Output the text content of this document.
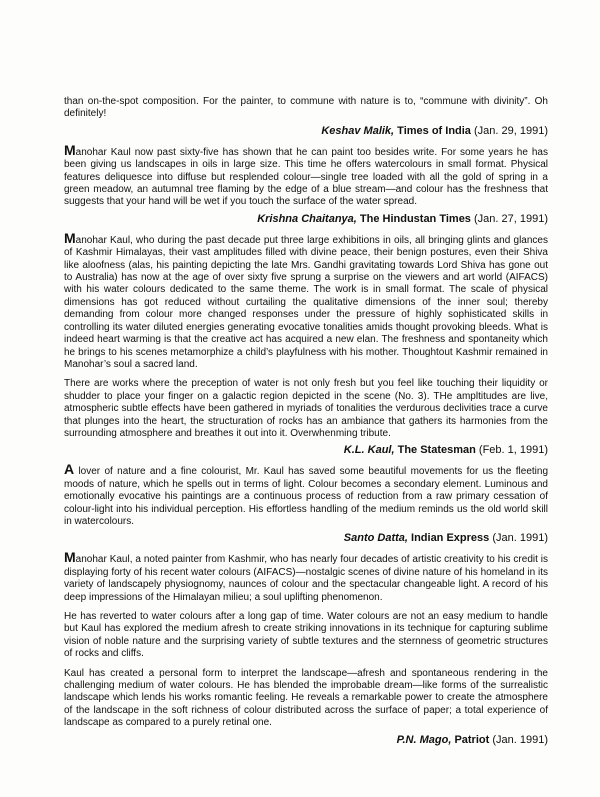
than on-the-spot composition. For the painter, to commune with nature is to, “commune with divinity”. Oh definitely!

Keshav Malik, Times of India (Jan. 29, 1991)

Manohar Kaul now past sixty-five has shown that he can paint too besides write. For some years he has been giving us landscapes in oils in large size. This time he offers watercolours in small format. Physical features deliquesce into diffuse but resplended colour—single tree loaded with all the gold of spring in a green meadow, an autumnal tree flaming by the edge of a blue stream—and colour has the freshness that suggests that your hand will be wet if you touch the surface of the water spread.

Krishna Chaitanya, The Hindustan Times (Jan. 27, 1991)

Manohar Kaul, who during the past decade put three large exhibitions in oils, all bringing glints and glances of Kashmir Himalayas, their vast amplitudes filled with divine peace, their benign postures, even their Shiva like aloofness (alas, his painting depicting the late Mrs. Gandhi gravitating towards Lord Shiva has gone out to Australia) has now at the age of over sixty five sprung a surprise on the viewers and art world (AIFACS) with his water colours dedicated to the same theme. The work is in small format. The scale of physical dimensions has got reduced without curtailing the qualitative dimensions of the inner soul; thereby demanding from colour more changed responses under the pressure of highly sophisticated skills in controlling its water diluted energies generating evocative tonalities amids thought provoking bleeds. What is indeed heart warming is that the creative act has acquired a new elan. The freshness and spontaneity which he brings to his scenes metamorphize a child’s playfulness with his mother. Thoughtout Kashmir remained in Manohar’s soul a sacred land.

There are works where the preception of water is not only fresh but you feel like touching their liquidity or shudder to place your finger on a galactic region depicted in the scene (No. 3). THe ampltitudes are live, atmospheric subtle effects have been gathered in myriads of tonalities the verdurous declivities trace a curve that plunges into the heart, the structuration of rocks has an ambiance that gathers its harmonies from the surrounding atmosphere and breathes it out into it. Overwhenming tribute.

K.L. Kaul, The Statesman (Feb. 1, 1991)

A lover of nature and a fine colourist, Mr. Kaul has saved some beautiful movements for us the fleeting moods of nature, which he spells out in terms of light. Colour becomes a secondary element. Luminous and emotionally evocative his paintings are a continuous process of reduction from a raw primary cessation of colour-light into his individual perception. His effortless handling of the medium reminds us the old world skill in watercolours.

Santo Datta, Indian Express (Jan. 1991)

Manohar Kaul, a noted painter from Kashmir, who has nearly four decades of artistic creativity to his credit is displaying forty of his recent water colours (AIFACS)—nostalgic scenes of divine nature of his homeland in its variety of landscapely physiognomy, naunces of colour and the spectacular changeable light. A record of his deep impressions of the Himalayan milieu; a soul uplifting phenomenon.

He has reverted to water colours after a long gap of time. Water colours are not an easy medium to handle but Kaul has explored the medium afresh to create striking innovations in its technique for capturing sublime vision of noble nature and the surprising variety of subtle textures and the sternness of geometric structures of rocks and cliffs.

Kaul has created a personal form to interpret the landscape—afresh and spontaneous rendering in the challenging medium of water colours. He has blended the improbable dream—like forms of the surrealistic landscape which lends his works romantic feeling. He reveals a remarkable power to create the atmosphere of the landscape in the soft richness of colour distributed across the surface of paper; a total experience of landscape as compared to a purely retinal one.

P.N. Mago, Patriot (Jan. 1991)
